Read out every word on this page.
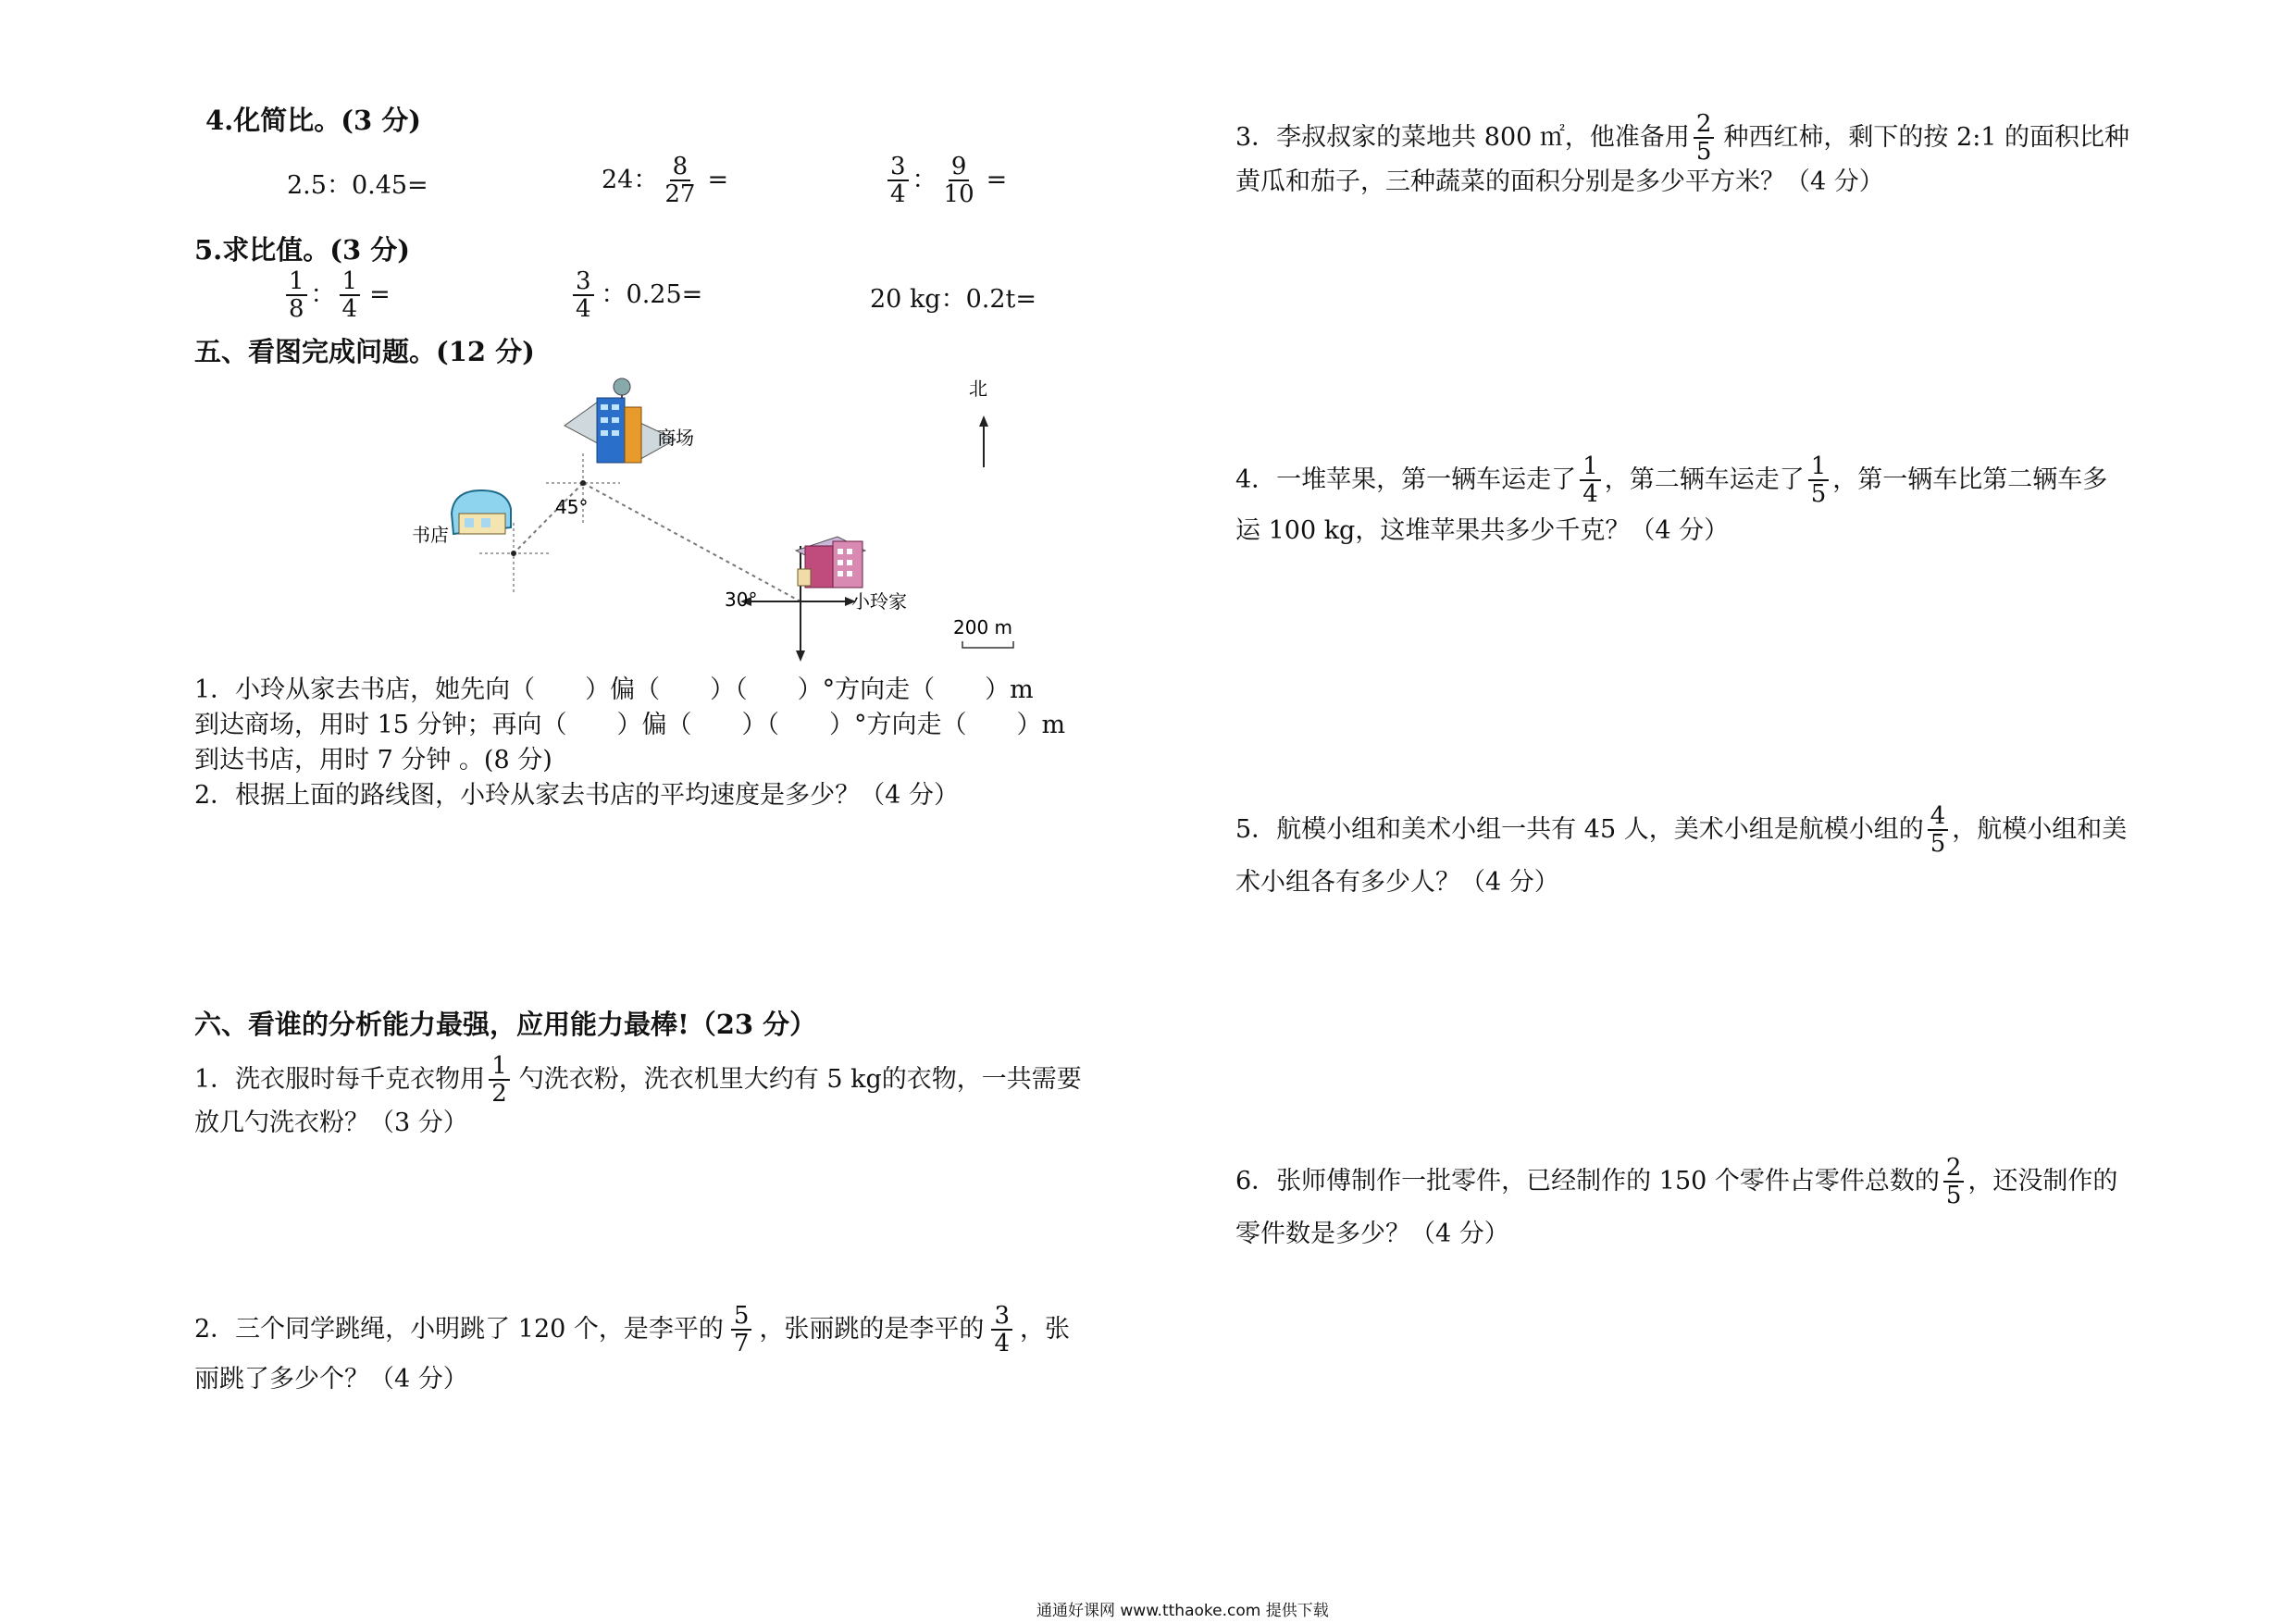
4.化简比。(3 分)
2.5：0.45=	24： $\frac{8}{27}$ =	$\frac{3}{4}$ ： $\frac{9}{10}$ =
5.求比值。(3 分)
$\frac{1}{8}$ ： $\frac{1}{4}$ =	$\frac{3}{4}$ ：0.25=	20 kg：0.2t=
五、看图完成问题。(12 分)
北
商场
书店
小玲家
45°
30°
200 m
1．小玲从家去书店，她先向（　　）偏（　　）（　　）°方向走（　　）m
到达商场，用时 15 分钟；再向（　　）偏（　　）（　　）°方向走（　　）m
到达书店，用时 7 分钟 。(8 分)
2．根据上面的路线图，小玲从家去书店的平均速度是多少？（4 分）
六、看谁的分析能力最强，应用能力最棒!（23 分）
1．洗衣服时每千克衣物用 $\frac{1}{2}$ 勺洗衣粉，洗衣机里大约有 5 kg的衣物，一共需要
放几勺洗衣粉？（3 分）
2．三个同学跳绳，小明跳了 120 个，是李平的 $\frac{5}{7}$ ，张丽跳的是李平的 $\frac{3}{4}$ ，张
丽跳了多少个？（4 分）
3．李叔叔家的菜地共 800 ㎡，他准备用 $\frac{2}{5}$ 种西红柿，剩下的按 2:1 的面积比种
黄瓜和茄子，三种蔬菜的面积分别是多少平方米？（4 分）
4．一堆苹果，第一辆车运走了 $\frac{1}{4}$ ，第二辆车运走了 $\frac{1}{5}$ ，第一辆车比第二辆车多
运 100 kg，这堆苹果共多少千克？（4 分）
5．航模小组和美术小组一共有 45 人，美术小组是航模小组的 $\frac{4}{5}$ ，航模小组和美
术小组各有多少人？（4 分）
6．张师傅制作一批零件，已经制作的 150 个零件占零件总数的 $\frac{2}{5}$ ，还没制作的
零件数是多少？（4 分）
通通好课网 www.tthaoke.com 提供下载
